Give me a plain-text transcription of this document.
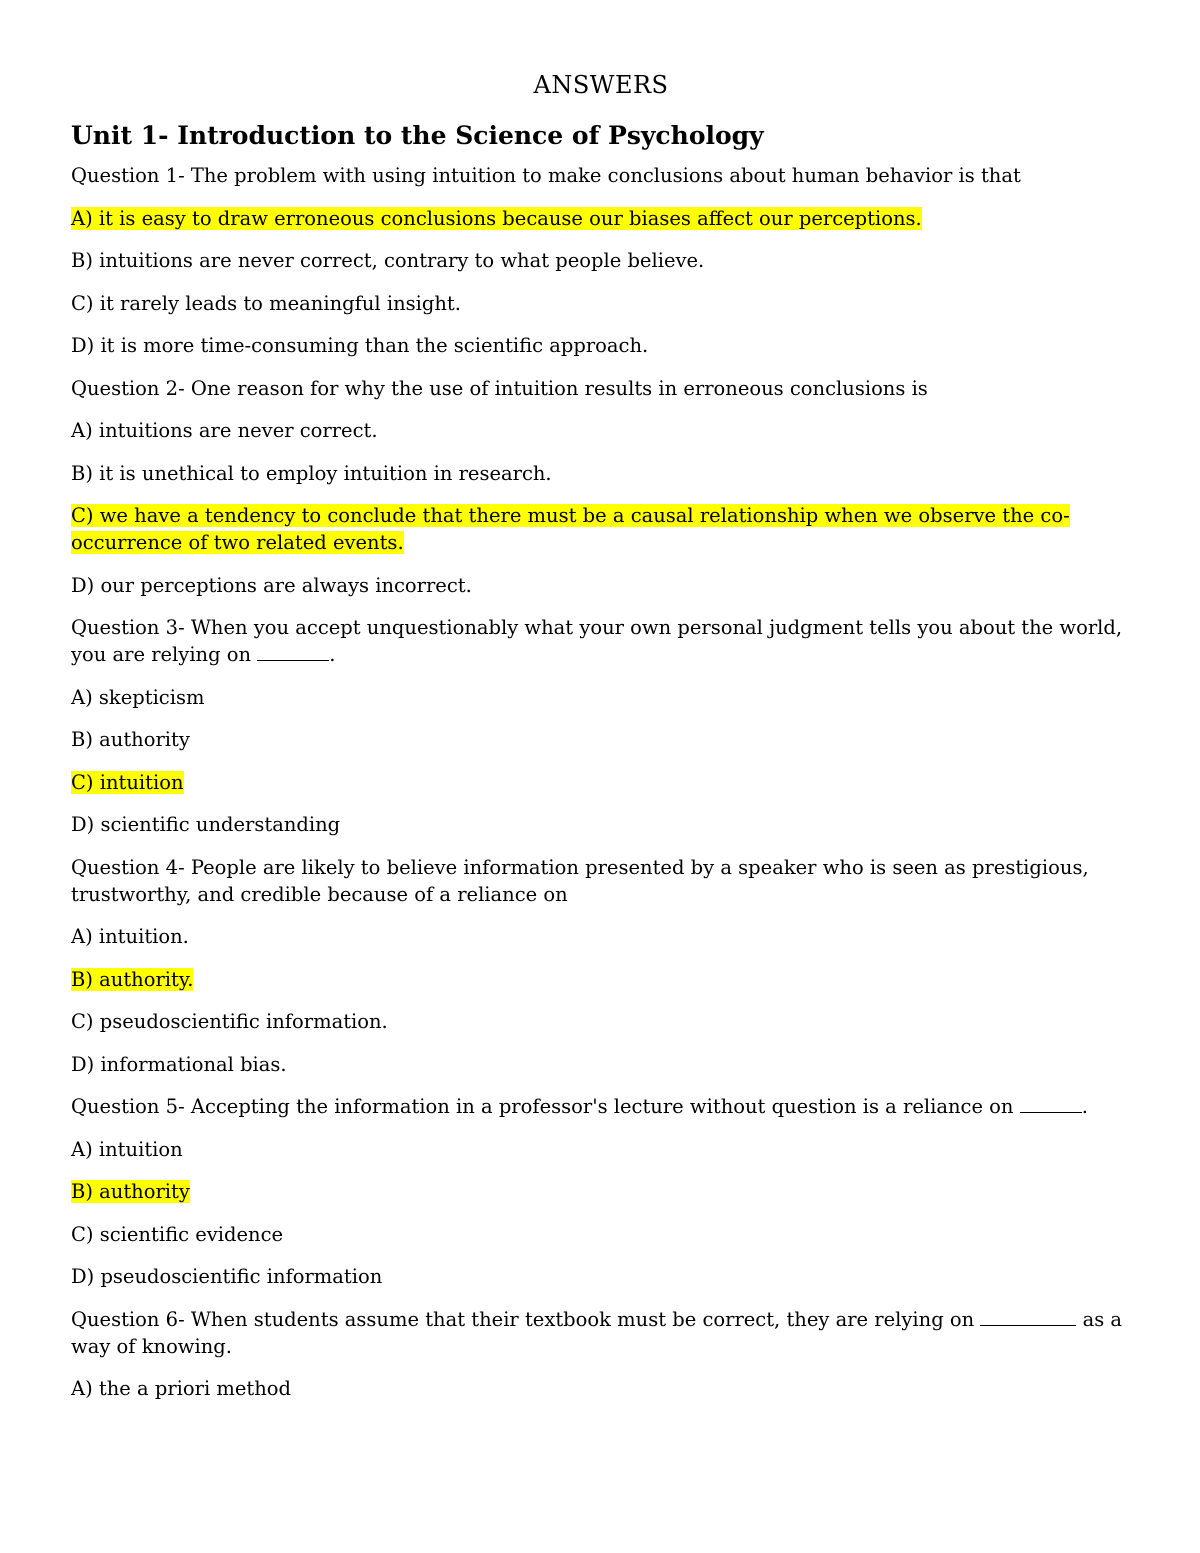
ANSWERS
Unit 1- Introduction to the Science of Psychology

Question 1- The problem with using intuition to make conclusions about human behavior is that

A) it is easy to draw erroneous conclusions because our biases affect our perceptions.

B) intuitions are never correct, contrary to what people believe.

C) it rarely leads to meaningful insight.

D) it is more time-consuming than the scientific approach.

Question 2- One reason for why the use of intuition results in erroneous conclusions is

A) intuitions are never correct.

B) it is unethical to employ intuition in research.

C) we have a tendency to conclude that there must be a causal relationship when we observe the co-occurrence of two related events.

D) our perceptions are always incorrect.

Question 3- When you accept unquestionably what your own personal judgment tells you about the world, you are relying on	.

A) skepticism

B) authority

C) intuition

D) scientific understanding

Question 4- People are likely to believe information presented by a speaker who is seen as prestigious, trustworthy, and credible because of a reliance on

A) intuition.

B) authority.

C) pseudoscientific information.

D) informational bias.

Question 5- Accepting the information in a professor's lecture without question is a reliance on	.

A) intuition

B) authority

C) scientific evidence

D) pseudoscientific information

Question 6- When students assume that their textbook must be correct, they are relying on	as a way of knowing.

A) the a priori method
